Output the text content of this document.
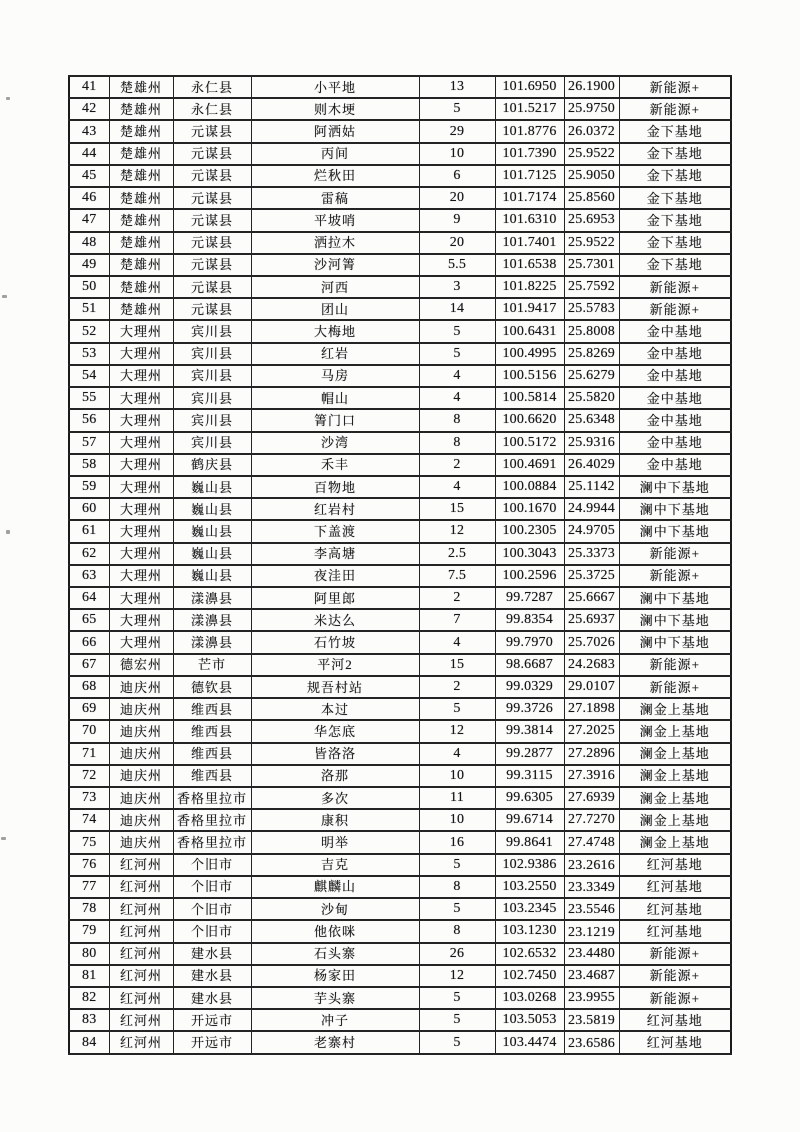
41	楚雄州	永仁县	小平地	13	101.6950	26.1900	新能源+
42	楚雄州	永仁县	则木埂	5	101.5217	25.9750	新能源+
43	楚雄州	元谋县	阿洒姑	29	101.8776	26.0372	金下基地
44	楚雄州	元谋县	丙间	10	101.7390	25.9522	金下基地
45	楚雄州	元谋县	烂秋田	6	101.7125	25.9050	金下基地
46	楚雄州	元谋县	雷稿	20	101.7174	25.8560	金下基地
47	楚雄州	元谋县	平坡哨	9	101.6310	25.6953	金下基地
48	楚雄州	元谋县	洒拉木	20	101.7401	25.9522	金下基地
49	楚雄州	元谋县	沙河箐	5.5	101.6538	25.7301	金下基地
50	楚雄州	元谋县	河西	3	101.8225	25.7592	新能源+
51	楚雄州	元谋县	团山	14	101.9417	25.5783	新能源+
52	大理州	宾川县	大梅地	5	100.6431	25.8008	金中基地
53	大理州	宾川县	红岩	5	100.4995	25.8269	金中基地
54	大理州	宾川县	马房	4	100.5156	25.6279	金中基地
55	大理州	宾川县	帽山	4	100.5814	25.5820	金中基地
56	大理州	宾川县	箐门口	8	100.6620	25.6348	金中基地
57	大理州	宾川县	沙湾	8	100.5172	25.9316	金中基地
58	大理州	鹤庆县	禾丰	2	100.4691	26.4029	金中基地
59	大理州	巍山县	百物地	4	100.0884	25.1142	澜中下基地
60	大理州	巍山县	红岩村	15	100.1670	24.9944	澜中下基地
61	大理州	巍山县	下盖渡	12	100.2305	24.9705	澜中下基地
62	大理州	巍山县	李高塘	2.5	100.3043	25.3373	新能源+
63	大理州	巍山县	夜洼田	7.5	100.2596	25.3725	新能源+
64	大理州	漾濞县	阿里郎	2	99.7287	25.6667	澜中下基地
65	大理州	漾濞县	米达么	7	99.8354	25.6937	澜中下基地
66	大理州	漾濞县	石竹坡	4	99.7970	25.7026	澜中下基地
67	德宏州	芒市	平河2	15	98.6687	24.2683	新能源+
68	迪庆州	德钦县	规吾村站	2	99.0329	29.0107	新能源+
69	迪庆州	维西县	本过	5	99.3726	27.1898	澜金上基地
70	迪庆州	维西县	华怎底	12	99.3814	27.2025	澜金上基地
71	迪庆州	维西县	皆洛洛	4	99.2877	27.2896	澜金上基地
72	迪庆州	维西县	洛那	10	99.3115	27.3916	澜金上基地
73	迪庆州	香格里拉市	多次	11	99.6305	27.6939	澜金上基地
74	迪庆州	香格里拉市	康积	10	99.6714	27.7270	澜金上基地
75	迪庆州	香格里拉市	明举	16	99.8641	27.4748	澜金上基地
76	红河州	个旧市	吉克	5	102.9386	23.2616	红河基地
77	红河州	个旧市	麒麟山	8	103.2550	23.3349	红河基地
78	红河州	个旧市	沙甸	5	103.2345	23.5546	红河基地
79	红河州	个旧市	他依咪	8	103.1230	23.1219	红河基地
80	红河州	建水县	石头寨	26	102.6532	23.4480	新能源+
81	红河州	建水县	杨家田	12	102.7450	23.4687	新能源+
82	红河州	建水县	芋头寨	5	103.0268	23.9955	新能源+
83	红河州	开远市	冲子	5	103.5053	23.5819	红河基地
84	红河州	开远市	老寨村	5	103.4474	23.6586	红河基地
